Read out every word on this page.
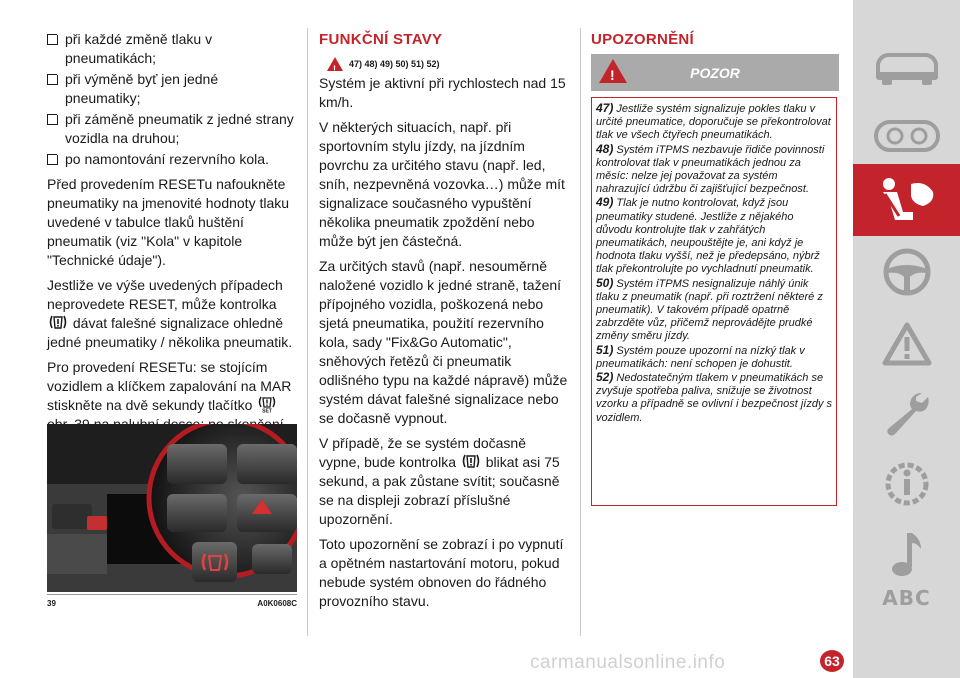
při každé změně tlaku v pneumatikách;
při výměně byť jen jedné pneumatiky;
při záměně pneumatik z jedné strany vozidla na druhou;
po namontování rezervního kola.

Před provedením RESETu nafoukněte pneumatiky na jmenovité hodnoty tlaku uvedené v tabulce tlaků huštění pneumatik (viz "Kola" v kapitole "Technické údaje").

Jestliže ve výše uvedených případech neprovedete RESET, může kontrolka
dávat falešné signalizace ohledně jedné pneumatiky / několika pneumatik.

Pro provedení RESETu: se stojícím vozidlem a klíčkem zapalování na MAR stiskněte na dvě sekundy tlačítko SET

39	A0K0608C
FUNKČNÍ STAVY
!47) 48) 49) 50) 51) 52)

Systém je aktivní při rychlostech nad 15 km/h.

V některých situacích, např. při sportovním stylu jízdy, na jízdním povrchu za určitého stavu (např. led, sníh, nezpevněná vozovka…) může mít signalizace současného vypuštění několika pneumatik zpoždění nebo může být jen částečná.

Za určitých stavů (např. nesouměrně naložené vozidlo k jedné straně, tažení přípojného vozidla, poškozená nebo sjetá pneumatika, použití rezervního kola, sady "Fix&Go Automatic", sněhových řetězů či pneumatik odlišného typu na každé nápravě) může systém dávat falešné signalizace nebo se dočasně vypnout.

V případě, že se systém dočasně vypne, bude kontrolka blikat asi 75 sekund, a pak zůstane svítit; současně se na displeji zobrazí příslušné upozornění.

Toto upozornění se zobrazí i po vypnutí a opětném nastartování motoru, pokud nebude systém obnoven do řádného provozního stavu.

UPOZORNĚNÍ
!
POZOR
47) Jestliže systém signalizuje pokles tlaku v určité pneumatice, doporučuje se překontrolovat tlak ve všech čtyřech pneumatikách.
48) Systém iTPMS nezbavuje řidiče povinnosti kontrolovat tlak v pneumatikách jednou za měsíc: nelze jej považovat za systém nahrazující údržbu či zajišťující bezpečnost.
49) Tlak je nutno kontrolovat, když jsou pneumatiky studené. Jestliže z nějakého důvodu kontrolujte tlak v zahřátých pneumatikách, neupouštějte je, ani když je hodnota tlaku vyšší, než je předepsáno, nýbrž tlak překontrolujte po vychladnutí pneumatik.
50) Systém iTPMS nesignalizuje náhlý únik tlaku z pneumatik (např. při roztržení některé z pneumatik). V takovém případě opatrně zabrzděte vůz, přičemž neprovádějte prudké změny směru jízdy.
51) Systém pouze upozorní na nízký tlak v pneumatikách: není schopen je dohustit.
52) Nedostatečným tlakem v pneumatikách se zvyšuje spotřeba paliva, snižuje se životnost vzorku a případně se ovlivní i bezpečnost jízdy s vozidlem.
ABC
carmanualsonline.info	63
